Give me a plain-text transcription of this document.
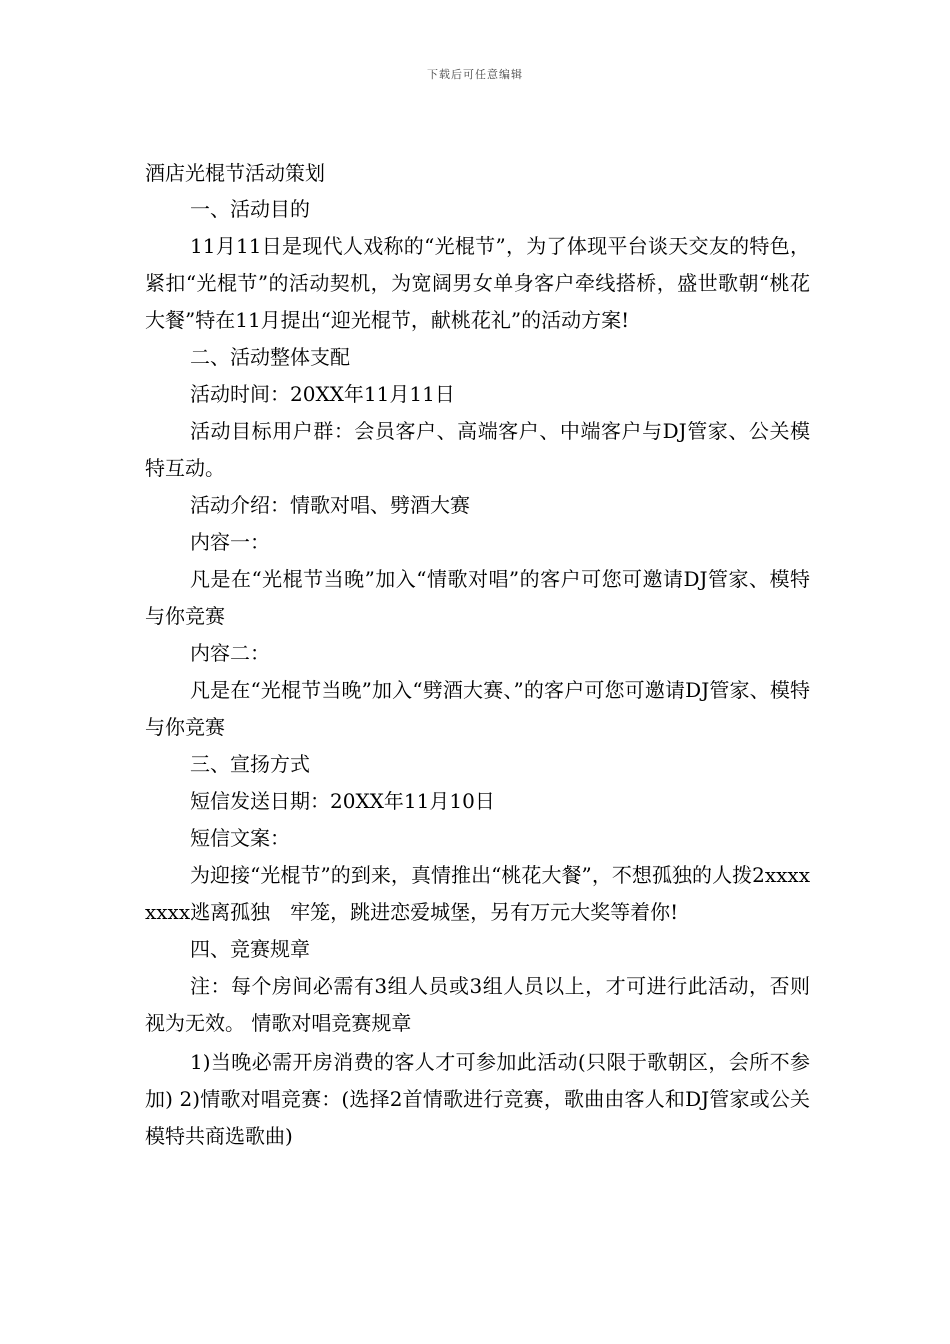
下载后可任意编辑
酒店光棍节活动策划

一、活动目的

11月11日是现代人戏称的“光棍节”，为了体现平台谈天交友的特色，紧扣“光棍节”的活动契机，为宽阔男女单身客户牵线搭桥，盛世歌朝“桃花大餐”特在11月提出“迎光棍节，献桃花礼”的活动方案!

二、活动整体支配

活动时间：20XX年11月11日

活动目标用户群：会员客户、高端客户、中端客户与DJ管家、公关模特互动。

活动介绍：情歌对唱、劈酒大赛

内容一：

凡是在“光棍节当晚”加入“情歌对唱”的客户可您可邀请DJ管家、模特与你竞赛

内容二：

凡是在“光棍节当晚”加入“劈酒大赛、”的客户可您可邀请DJ管家、模特与你竞赛

三、宣扬方式

短信发送日期：20XX年11月10日

短信文案：

为迎接“光棍节”的到来，真情推出“桃花大餐”，不想孤独的人拨2xxxxxxxx逃离孤独　牢笼，跳进恋爱城堡，另有万元大奖等着你!

四、竞赛规章

注：每个房间必需有3组人员或3组人员以上，才可进行此活动，否则视为无效。 情歌对唱竞赛规章

1)当晚必需开房消费的客人才可参加此活动(只限于歌朝区，会所不参加) 2)情歌对唱竞赛：(选择2首情歌进行竞赛，歌曲由客人和DJ管家或公关模特共商选歌曲)
